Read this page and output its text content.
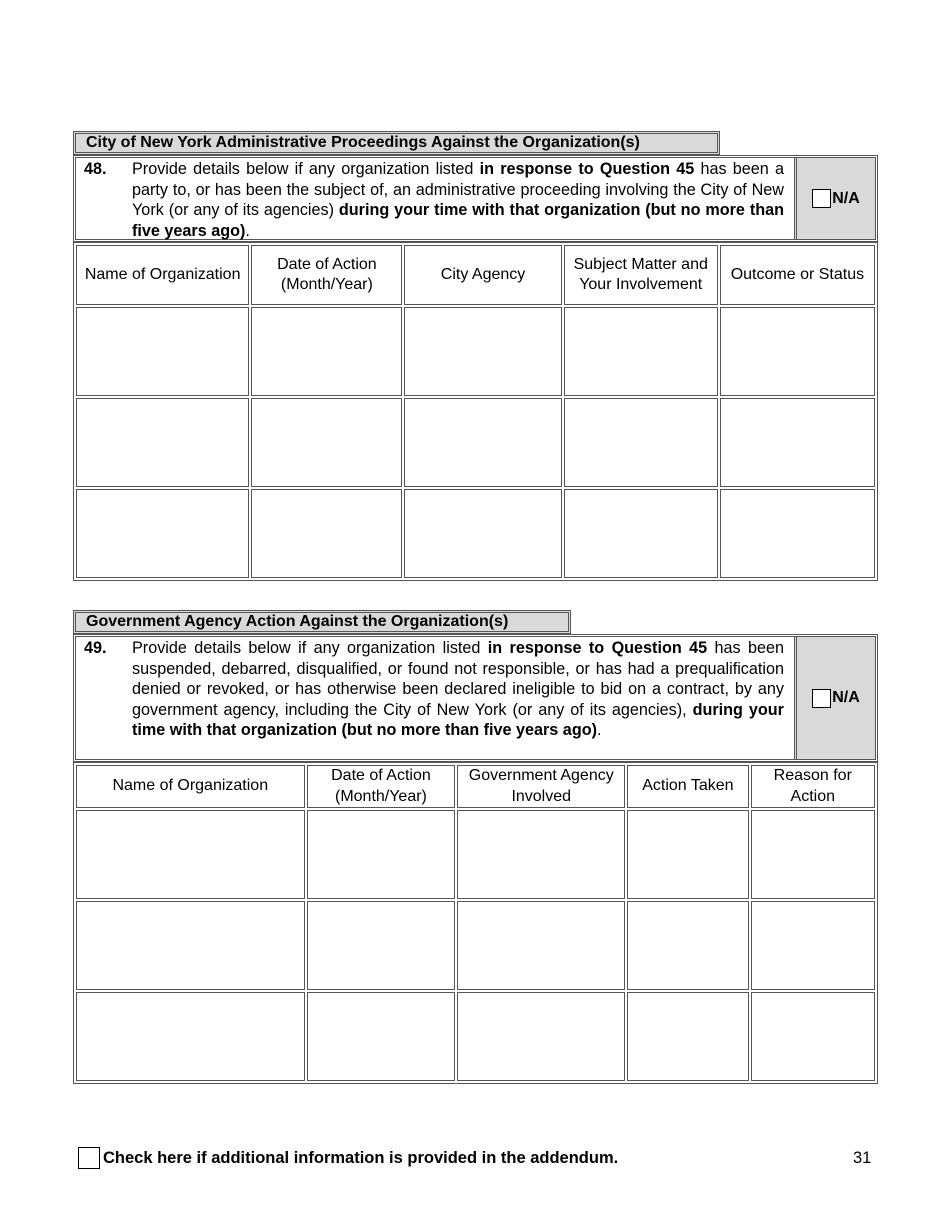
City of New York Administrative Proceedings Against the Organization(s)
48.	Provide details below if any organization listed in response to Question 45 has been a party to, or has been the subject of, an administrative proceeding involving the City of New York (or any of its agencies) during your time with that organization (but no more than five years ago).
N/A
Name of Organization	Date of Action (Month/Year)	City Agency	Subject Matter and Your Involvement	Outcome or Status

Government Agency Action Against the Organization(s)
49.	Provide details below if any organization listed in response to Question 45 has been suspended, debarred, disqualified, or found not responsible, or has had a prequalification denied or revoked, or has otherwise been declared ineligible to bid on a contract, by any government agency, including the City of New York (or any of its agencies), during your time with that organization (but no more than five years ago).
N/A
Name of Organization	Date of Action (Month/Year)	Government Agency Involved	Action Taken	Reason for Action

Check here if additional information is provided in the addendum.	31
